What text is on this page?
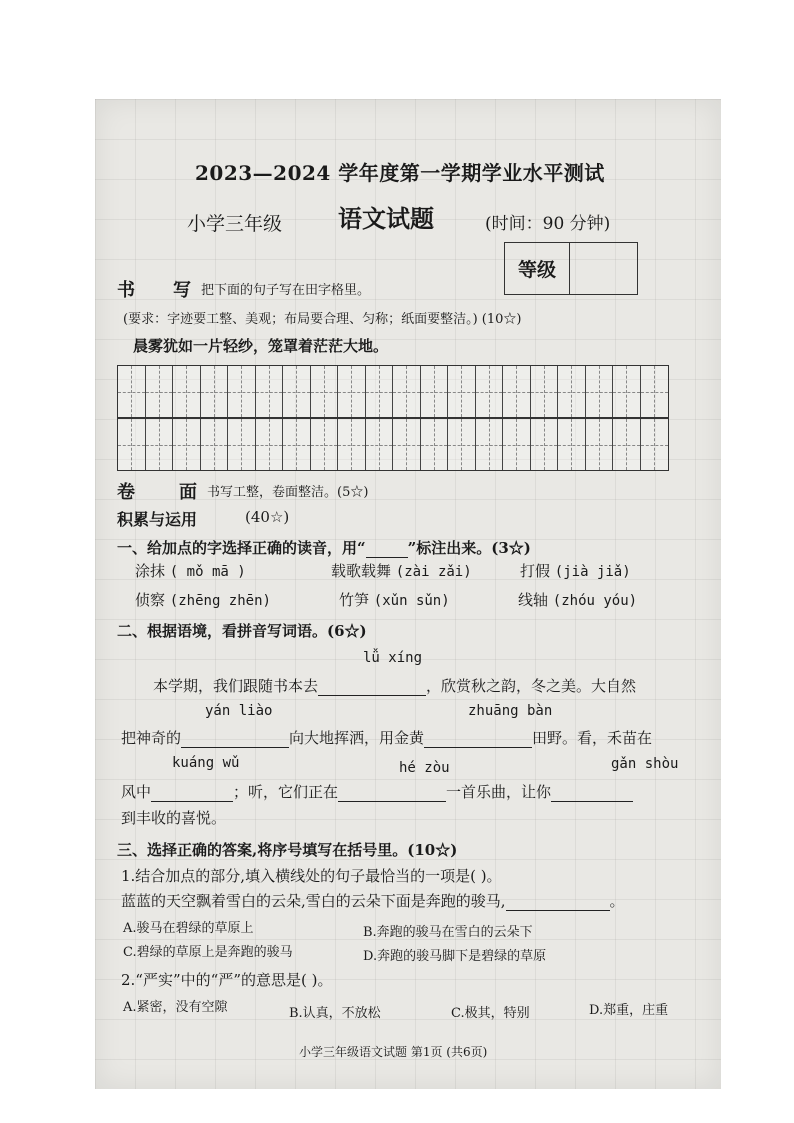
2023—2024 学年度第一学期学业水平测试
小学三年级 语文试题	(时间：90 分钟)
等级
书 写 把下面的句子写在田字格里。
(要求：字迹要工整、美观；布局要合理、匀称；纸面要整洁。) (10☆)
晨雾犹如一片轻纱，笼罩着茫茫大地。
卷 面 书写工整，卷面整洁。(5☆)
积累与运用	(40☆)
一、给加点的字选择正确的读音，用“	”标注出来。(3☆)
涂抹 ( mǒ mā )	载歌载舞 (zài zǎi)	打假 (jià jiǎ)
侦察 (zhēng zhēn)	竹笋 (xǔn sǔn)	线轴 (zhóu yóu)
二、根据语境，看拼音写词语。(6☆)
lǚ xíng
本学期，我们跟随书本去	，欣赏秋之韵，冬之美。大自然
yán liào	zhuāng bàn
把神奇的	向大地挥洒，用金黄	田野。看，禾苗在
kuáng wǔ	hé zòu	gǎn shòu
风中	；听，它们正在	一首乐曲，让你
到丰收的喜悦。
三、选择正确的答案,将序号填写在括号里。(10☆)
1.结合加点的部分,填入横线处的句子最恰当的一项是( )。
蓝蓝的天空飘着雪白的云朵,雪白的云朵下面是奔跑的骏马,	。
A.骏马在碧绿的草原上	B.奔跑的骏马在雪白的云朵下
C.碧绿的草原上是奔跑的骏马	D.奔跑的骏马脚下是碧绿的草原
2.“严实”中的“严”的意思是( )。
A.紧密，没有空隙	B.认真，不放松	C.极其，特别	D.郑重，庄重
小学三年级语文试题 第1页 (共6页)
